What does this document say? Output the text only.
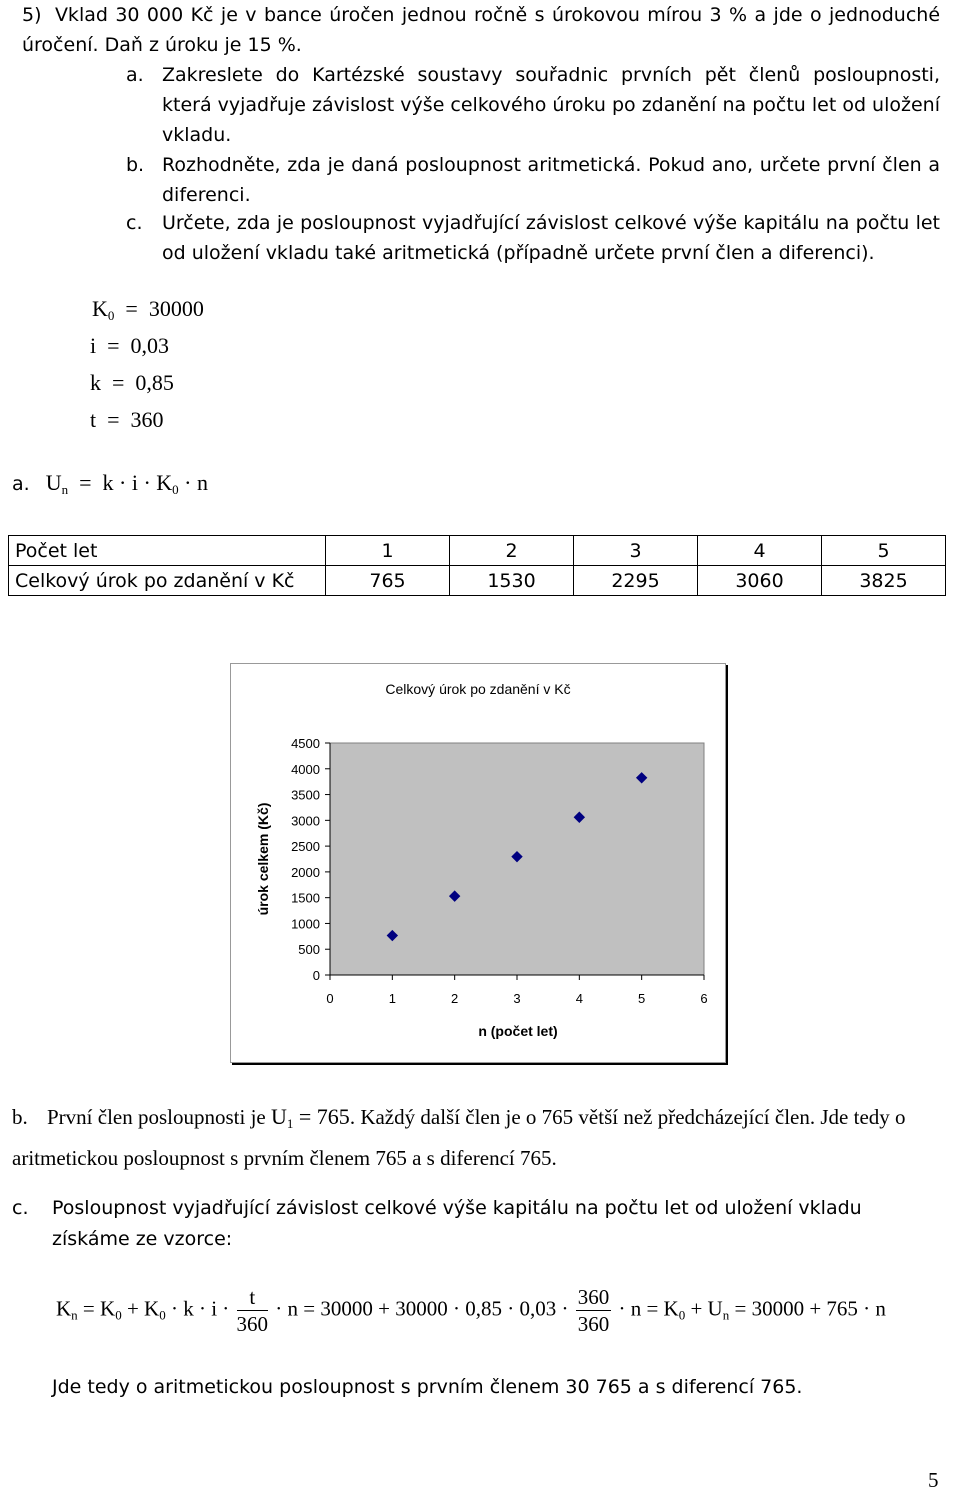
5) Vklad 30 000 Kč je v bance úročen jednou ročně s úrokovou mírou 3 % a jde o jednoduché úročení. Daň z úroku je 15 %.
a. Zakreslete do Kartézské soustavy souřadnic prvních pět členů posloupnosti, která vyjadřuje závislost výše celkového úroku po zdanění na počtu let od uložení vkladu.
b. Rozhodněte, zda je daná posloupnost aritmetická. Pokud ano, určete první člen a diferenci.
c. Určete, zda je posloupnost vyjadřující závislost celkové výše kapitálu na počtu let od uložení vkladu také aritmetická (případně určete první člen a diferenci).
$K_0 = 30000$
i  =  0,03
k  =  0,85
t  =  360
a. $U_n = k \cdot i \cdot K_0 \cdot n$
Počet let	1	2	3	4	5
Celkový úrok po zdanění v Kč	765	1530	2295	3060	3825
Celkový úrok po zdanění v Kč
0
500
1000
1500
2000
2500
3000
3500
4000
4500
0	1	2	3	4	5	6
n (počet let)
úrok celkem (Kč)
b. První člen posloupnosti je $U_1 = 765$. Každý další člen je o 765 větší než předcházející člen. Jde tedy o aritmetickou posloupnost s prvním členem 765 a s diferencí 765.
c. Posloupnost vyjadřující závislost celkové výše kapitálu na počtu let od uložení vkladu získáme ze vzorce:
$K_n = K_0 + K_0 \cdot k \cdot i \cdot \frac{t}{360} \cdot n = 30000 + 30000 \cdot 0,85 \cdot 0,03 \cdot \frac{360}{360} \cdot n = K_0 + U_n = 30000 + 765 \cdot n$
Jde tedy o aritmetickou posloupnost s prvním členem 30 765 a s diferencí 765.
5
